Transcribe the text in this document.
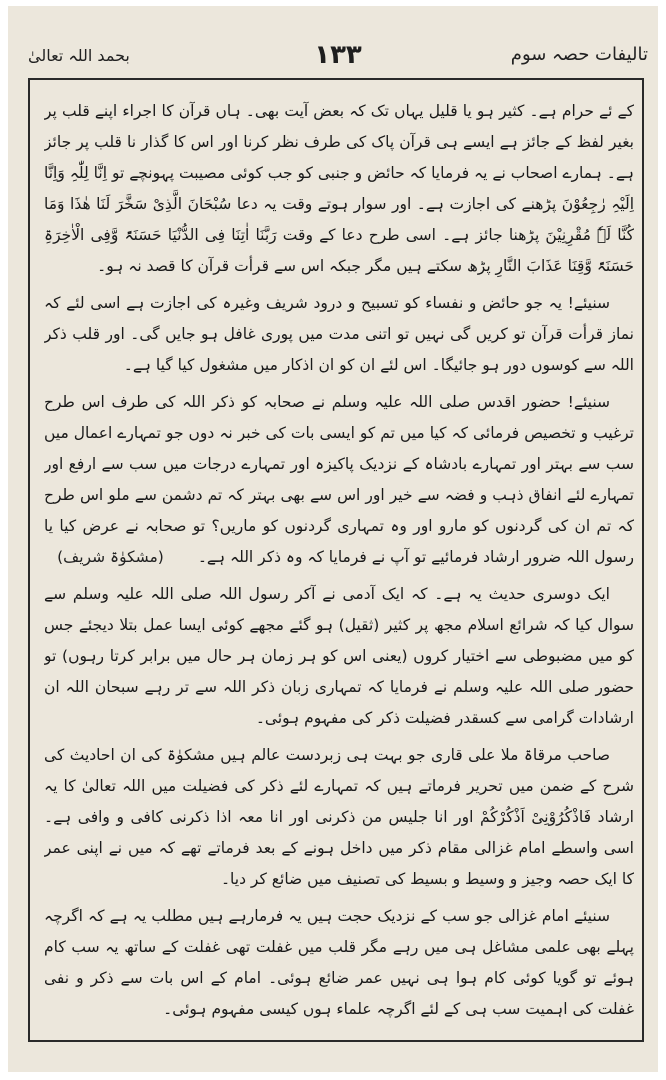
تالیفات حصہ سوم
۱۳۳
بحمد اللہ تعالیٰ

کے ئے حرام ہے۔ کثیر ہو یا قلیل یہاں تک کہ بعض آیت بھی۔ ہاں قرآن کا اجراء اپنے قلب پر بغیر لفظ کے جائز ہے ایسے ہی قرآن پاک کی طرف نظر کرنا اور اس کا گذار نا قلب پر جائز ہے۔ ہمارے اصحاب نے یہ فرمایا کہ حائض و جنبی کو جب کوئی مصیبت پہونچے تو اِنَّا لِلّٰہِ وَاِنَّا اِلَیْہِ رٰجِعُوْنَ پڑھنے کی اجازت ہے۔ اور سوار ہوتے وقت یہ دعا سُبْحَانَ الَّذِیْ سَخَّرَ لَنَا ھٰذَا وَمَا کُنَّا لَہٗ مُقْرِنِیْنَ پڑھنا جائز ہے۔ اسی طرح دعا کے وقت رَبَّنَا اٰتِنَا فِی الدُّنْیَا حَسَنَۃً وَّفِی الْاٰخِرَۃِ حَسَنَۃً وَّقِنَا عَذَابَ النَّارِ پڑھ سکتے ہیں مگر جبکہ اس سے قرأت قرآن کا قصد نہ ہو۔

سنیئے! یہ جو حائض و نفساء کو تسبیح و درود شریف وغیرہ کی اجازت ہے اسی لئے کہ نماز قرأت قرآن تو کریں گی نہیں تو اتنی مدت میں پوری غافل ہو جایں گی۔ اور قلب ذکر اللہ سے کوسوں دور ہو جائیگا۔ اس لئے ان کو ان اذکار میں مشغول کیا گیا ہے۔

سنیئے! حضور اقدس صلی اللہ علیہ وسلم نے صحابہ کو ذکر اللہ کی طرف اس طرح ترغیب و تخصیص فرمائی کہ کیا میں تم کو ایسی بات کی خبر نہ دوں جو تمہارے اعمال میں سب سے بہتر اور تمہارے بادشاہ کے نزدیک پاکیزہ اور تمہارے درجات میں سب سے ارفع اور تمہارے لئے انفاق ذہب و فضہ سے خیر اور اس سے بھی بہتر کہ تم دشمن سے ملو اس طرح کہ تم ان کی گردنوں کو مارو اور وہ تمہاری گردنوں کو ماریں؟ تو صحابہ نے عرض کیا یا رسول اللہ ضرور ارشاد فرمائیے تو آپ نے فرمایا کہ وہ ذکر اللہ ہے۔(مشکوٰۃ شریف)

ایک دوسری حدیث یہ ہے۔ کہ ایک آدمی نے آکر رسول اللہ صلی اللہ علیہ وسلم سے سوال کیا کہ شرائع اسلام مجھ پر کثیر (ثقیل) ہو گئے مجھے کوئی ایسا عمل بتلا دیجئے جس کو میں مضبوطی سے اختیار کروں (یعنی اس کو ہر زمان ہر حال میں برابر کرتا رہوں) تو حضور صلی اللہ علیہ وسلم نے فرمایا کہ تمہاری زبان ذکر اللہ سے تر رہے سبحان اللہ ان ارشادات گرامی سے کسقدر فضیلت ذکر کی مفہوم ہوئی۔

صاحب مرقاۃ ملا علی قاری جو بہت ہی زبردست عالم ہیں مشکوٰۃ کی ان احادیث کی شرح کے ضمن میں تحریر فرماتے ہیں کہ تمہارے لئے ذکر کی فضیلت میں اللہ تعالیٰ کا یہ ارشاد فَاذْکُرُوْنِیْ اَذْکُرْکُمْ اور انا جلیس من ذکرنی اور انا معہ اذا ذکرنی کافی و وافی ہے۔ اسی واسطے امام غزالی مقام ذکر میں داخل ہونے کے بعد فرماتے تھے کہ میں نے اپنی عمر کا ایک حصہ وجیز و وسیط و بسیط کی تصنیف میں ضائع کر دیا۔

سنیئے امام غزالی جو سب کے نزدیک حجت ہیں یہ فرمارہے ہیں مطلب یہ ہے کہ اگرچہ پہلے بھی علمی مشاغل ہی میں رہے مگر قلب میں غفلت تھی غفلت کے ساتھ یہ سب کام ہوئے تو گویا کوئی کام ہوا ہی نہیں عمر ضائع ہوئی۔ امام کے اس بات سے ذکر و نفی غفلت کی اہمیت سب ہی کے لئے اگرچہ علماء ہوں کیسی مفہوم ہوئی۔
